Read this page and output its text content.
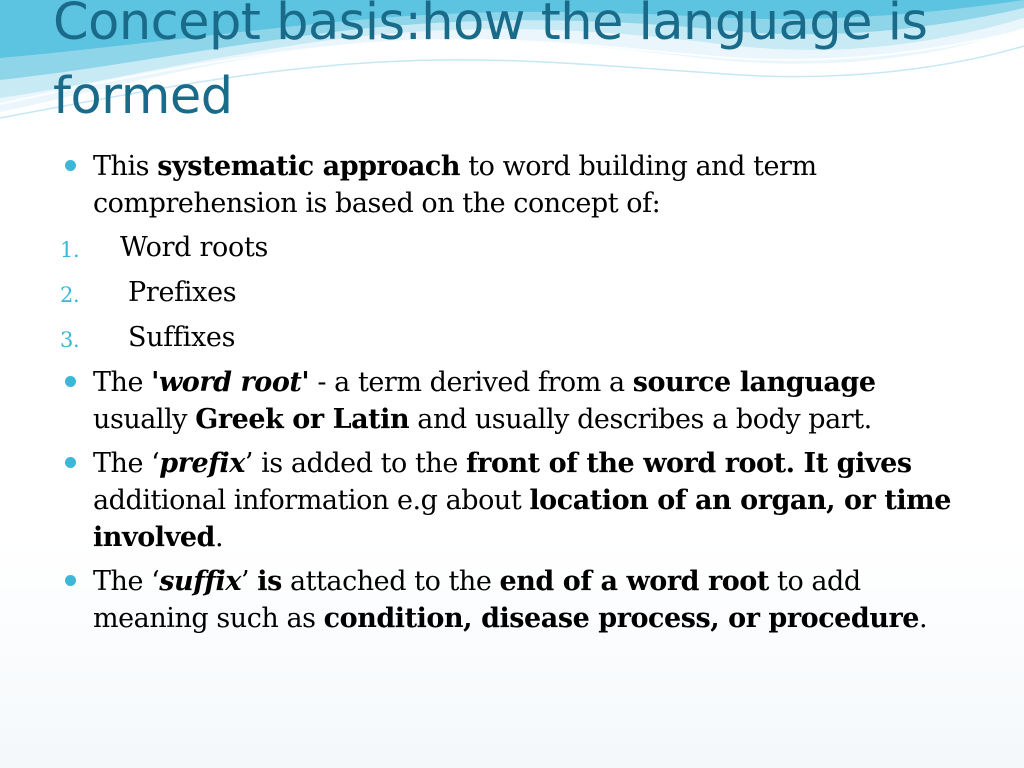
Concept basis:how the language is formed
This systematic approach to word building and term comprehension is based on the concept of:
1. Word roots
2. Prefixes
3. Suffixes
The 'word root' - a term derived from a source language usually Greek or Latin and usually describes a body part.
The ‘prefix’ is added to the front of the word root. It gives additional information e.g about location of an organ, or time involved.
The ‘suffix’ is attached to the end of a word root to add meaning such as condition, disease process, or procedure.
